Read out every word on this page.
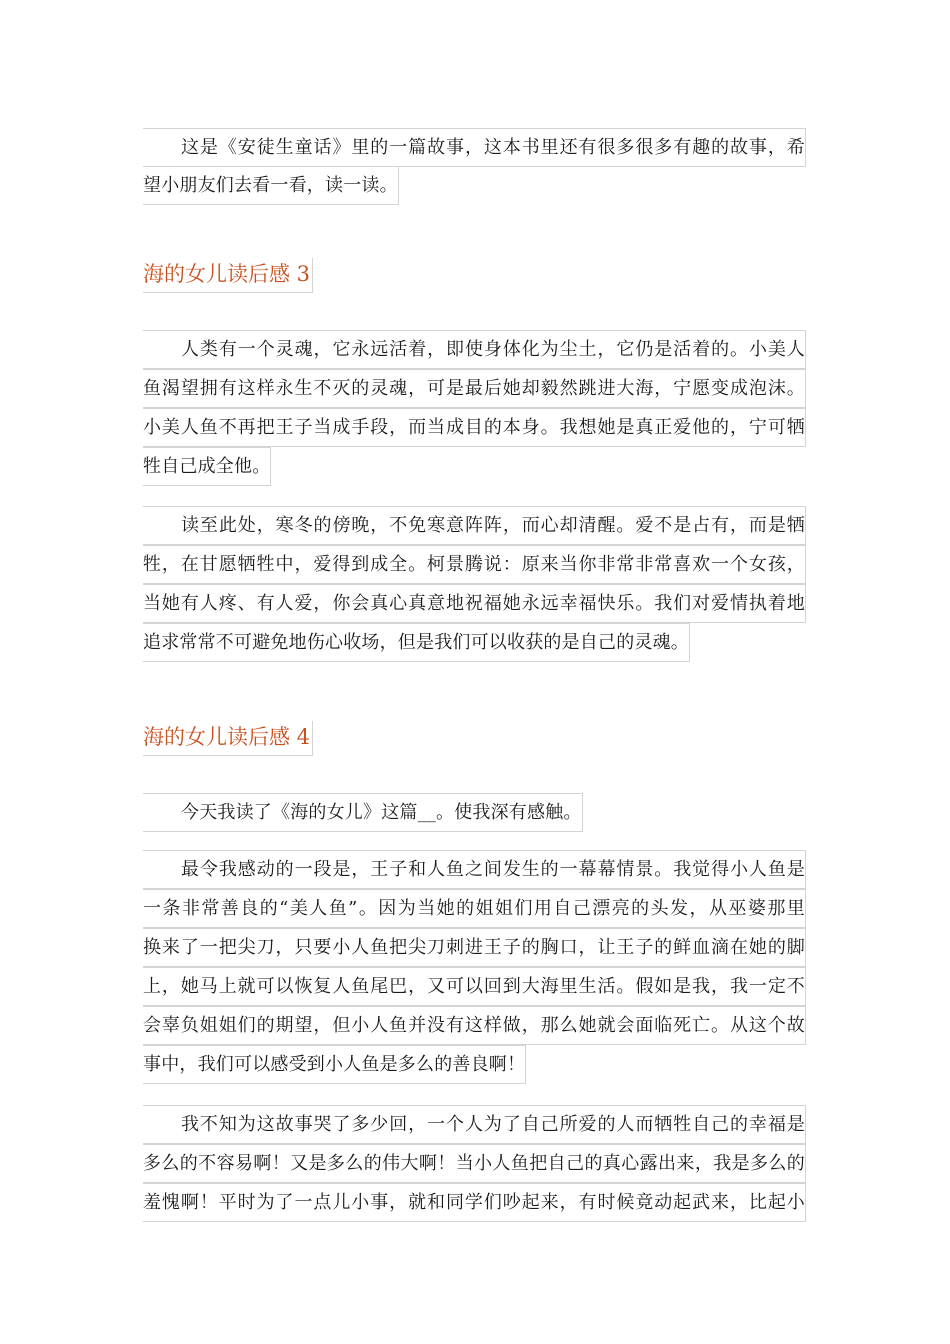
这是《安徒生童话》里的一篇故事，这本书里还有很多很多有趣的故事，希
望小朋友们去看一看，读一读。
海的女儿读后感 3
人类有一个灵魂，它永远活着，即使身体化为尘土，它仍是活着的。小美人
鱼渴望拥有这样永生不灭的灵魂，可是最后她却毅然跳进大海，宁愿变成泡沫。
小美人鱼不再把王子当成手段，而当成目的本身。我想她是真正爱他的，宁可牺
牲自己成全他。
读至此处，寒冬的傍晚，不免寒意阵阵，而心却清醒。爱不是占有，而是牺
牲，在甘愿牺牲中，爱得到成全。柯景腾说：原来当你非常非常喜欢一个女孩，
当她有人疼、有人爱，你会真心真意地祝福她永远幸福快乐。我们对爱情执着地
追求常常不可避免地伤心收场，但是我们可以收获的是自己的灵魂。
海的女儿读后感 4
今天我读了《海的女儿》这篇__。使我深有感触。
最令我感动的一段是，王子和人鱼之间发生的一幕幕情景。我觉得小人鱼是
一条非常善良的“美人鱼”。因为当她的姐姐们用自己漂亮的头发，从巫婆那里
换来了一把尖刀，只要小人鱼把尖刀刺进王子的胸口，让王子的鲜血滴在她的脚
上，她马上就可以恢复人鱼尾巴，又可以回到大海里生活。假如是我，我一定不
会辜负姐姐们的期望，但小人鱼并没有这样做，那么她就会面临死亡。从这个故
事中，我们可以感受到小人鱼是多么的善良啊！
我不知为这故事哭了多少回，一个人为了自己所爱的人而牺牲自己的幸福是
多么的不容易啊！又是多么的伟大啊！当小人鱼把自己的真心露出来，我是多么的
羞愧啊！平时为了一点儿小事，就和同学们吵起来，有时候竟动起武来，比起小
